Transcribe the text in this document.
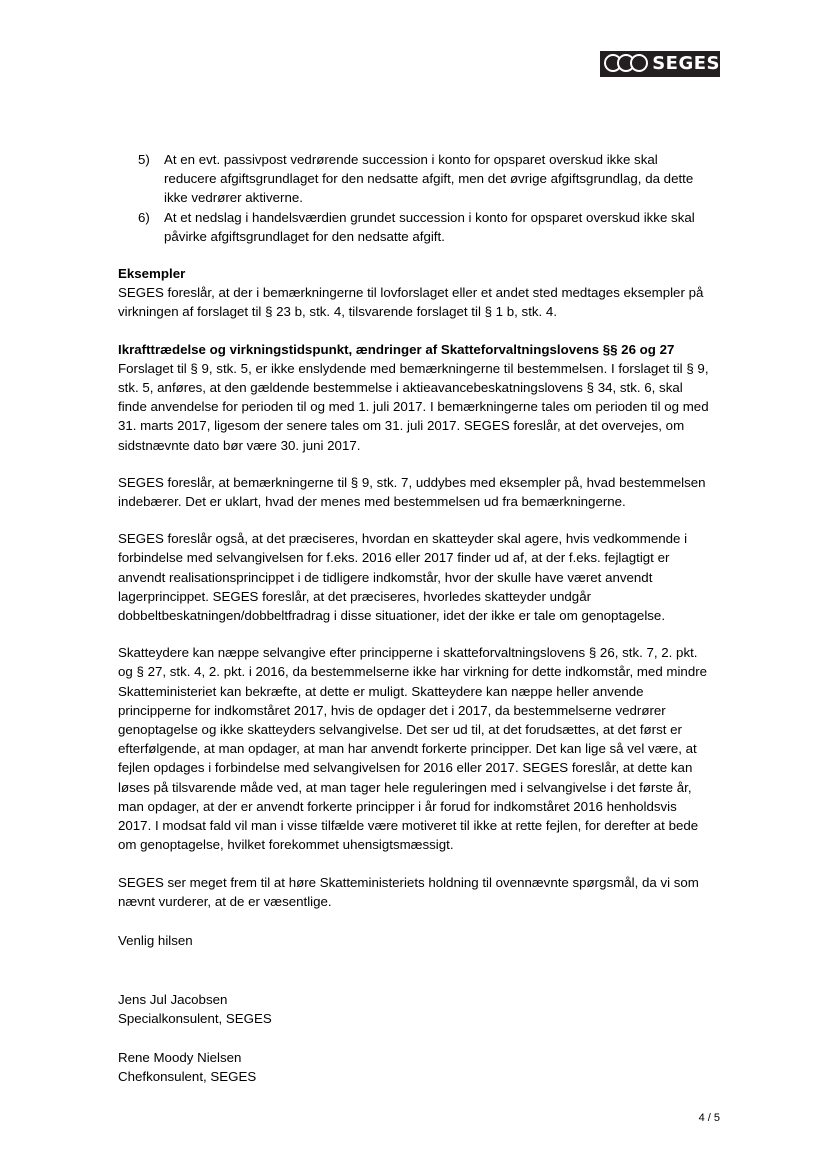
SEGES
5)	At en evt. passivpost vedrørende succession i konto for opsparet overskud ikke skal reducere afgiftsgrundlaget for den nedsatte afgift, men det øvrige afgiftsgrundlag, da dette ikke vedrører aktiverne.
6)	At et nedslag i handelsværdien grundet succession i konto for opsparet overskud ikke skal påvirke afgiftsgrundlaget for den nedsatte afgift.

Eksempler

SEGES foreslår, at der i bemærkningerne til lovforslaget eller et andet sted medtages eksempler på virkningen af forslaget til § 23 b, stk. 4, tilsvarende forslaget til § 1 b, stk. 4.

Ikrafttrædelse og virkningstidspunkt, ændringer af Skatteforvaltningslovens §§ 26 og 27

Forslaget til § 9, stk. 5, er ikke enslydende med bemærkningerne til bestemmelsen. I forslaget til § 9, stk. 5, anføres, at den gældende bestemmelse i aktieavancebeskatningslovens § 34, stk. 6, skal finde anvendelse for perioden til og med 1. juli 2017. I bemærkningerne tales om perioden til og med 31. marts 2017, ligesom der senere tales om 31. juli 2017. SEGES foreslår, at det overvejes, om sidstnævnte dato bør være 30. juni 2017.

SEGES foreslår, at bemærkningerne til § 9, stk. 7, uddybes med eksempler på, hvad bestemmelsen indebærer. Det er uklart, hvad der menes med bestemmelsen ud fra bemærkningerne.

SEGES foreslår også, at det præciseres, hvordan en skatteyder skal agere, hvis vedkommende i forbindelse med selvangivelsen for f.eks. 2016 eller 2017 finder ud af, at der f.eks. fejlagtigt er anvendt realisationsprincippet i de tidligere indkomstår, hvor der skulle have været anvendt lagerprincippet. SEGES foreslår, at det præciseres, hvorledes skatteyder undgår dobbeltbeskatningen/dobbeltfradrag i disse situationer, idet der ikke er tale om genoptagelse.

Skatteydere kan næppe selvangive efter principperne i skatteforvaltningslovens § 26, stk. 7, 2. pkt. og § 27, stk. 4, 2. pkt. i 2016, da bestemmelserne ikke har virkning for dette indkomstår, med mindre Skatteministeriet kan bekræfte, at dette er muligt. Skatteydere kan næppe heller anvende principperne for indkomståret 2017, hvis de opdager det i 2017, da bestemmelserne vedrører genoptagelse og ikke skatteyders selvangivelse. Det ser ud til, at det forudsættes, at det først er efterfølgende, at man opdager, at man har anvendt forkerte principper. Det kan lige så vel være, at fejlen opdages i forbindelse med selvangivelsen for 2016 eller 2017. SEGES foreslår, at dette kan løses på tilsvarende måde ved, at man tager hele reguleringen med i selvangivelse i det første år, man opdager, at der er anvendt forkerte principper i år forud for indkomståret 2016 henholdsvis 2017. I modsat fald vil man i visse tilfælde være motiveret til ikke at rette fejlen, for derefter at bede om genoptagelse, hvilket forekommet uhensigtsmæssigt.

SEGES ser meget frem til at høre Skatteministeriets holdning til ovennævnte spørgsmål, da vi som nævnt vurderer, at de er væsentlige.

Venlig hilsen

Jens Jul Jacobsen

Specialkonsulent, SEGES

Rene Moody Nielsen

Chefkonsulent, SEGES

4 / 5
